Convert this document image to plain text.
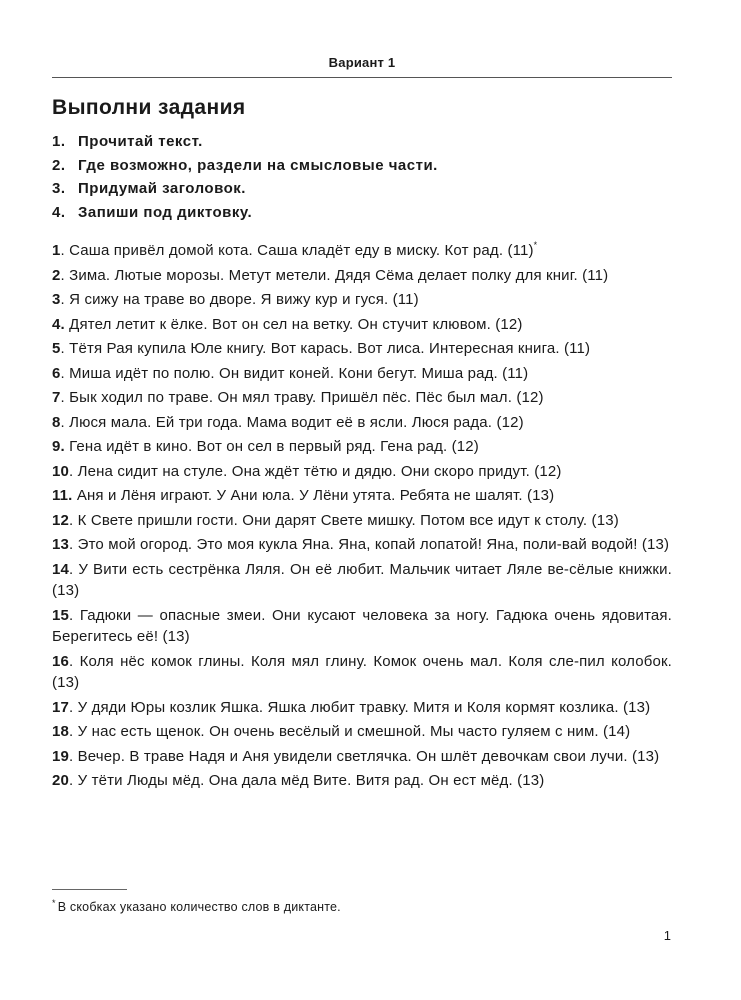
Вариант 1
Выполни задания
1. Прочитай текст.
2. Где возможно, раздели на смысловые части.
3. Придумай заголовок.
4. Запиши под диктовку.
1. Саша привёл домой кота. Саша кладёт еду в миску. Кот рад. (11)*
2. Зима. Лютые морозы. Метут метели. Дядя Сёма делает полку для книг. (11)
3. Я сижу на траве во дворе. Я вижу кур и гуся. (11)
4. Дятел летит к ёлке. Вот он сел на ветку. Он стучит клювом. (12)
5. Тётя Рая купила Юле книгу. Вот карась. Вот лиса. Интересная книга. (11)
6. Миша идёт по полю. Он видит коней. Кони бегут. Миша рад. (11)
7. Бык ходил по траве. Он мял траву. Пришёл пёс. Пёс был мал. (12)
8. Люся мала. Ей три года. Мама водит её в ясли. Люся рада. (12)
9. Гена идёт в кино. Вот он сел в первый ряд. Гена рад. (12)
10. Лена сидит на стуле. Она ждёт тётю и дядю. Они скоро придут. (12)
11. Аня и Лёня играют. У Ани юла. У Лёни утята. Ребята не шалят. (13)
12. К Свете пришли гости. Они дарят Свете мишку. Потом все идут к столу. (13)
13. Это мой огород. Это моя кукла Яна. Яна, копай лопатой! Яна, поли-вай водой! (13)
14. У Вити есть сестрёнка Ляля. Он её любит. Мальчик читает Ляле ве-сёлые книжки. (13)
15. Гадюки — опасные змеи. Они кусают человека за ногу. Гадюка очень ядовитая. Берегитесь её! (13)
16. Коля нёс комок глины. Коля мял глину. Комок очень мал. Коля сле-пил колобок. (13)
17. У дяди Юры козлик Яшка. Яшка любит травку. Митя и Коля кормят козлика. (13)
18. У нас есть щенок. Он очень весёлый и смешной. Мы часто гуляем с ним. (14)
19. Вечер. В траве Надя и Аня увидели светлячка. Он шлёт девочкам свои лучи. (13)
20. У тёти Люды мёд. Она дала мёд Вите. Витя рад. Он ест мёд. (13)
* В скобках указано количество слов в диктанте.
1
